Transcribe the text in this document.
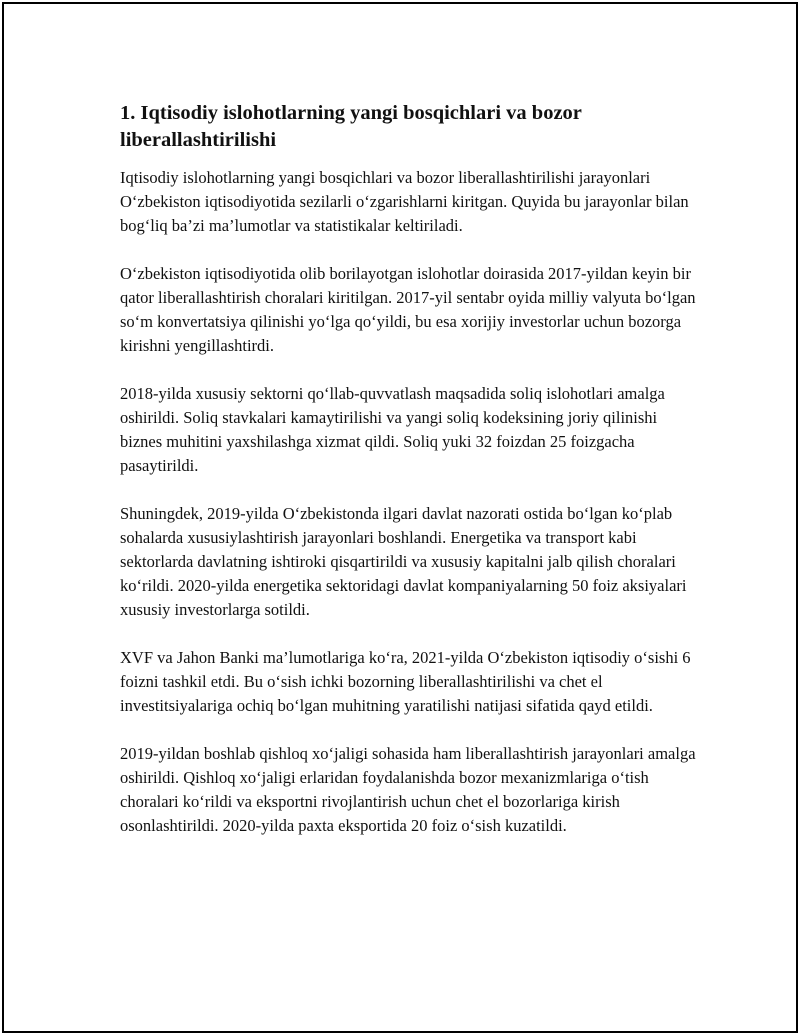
1. Iqtisodiy islohotlarning yangi bosqichlari va bozor liberallashtirilishi

Iqtisodiy islohotlarning yangi bosqichlari va bozor liberallashtirilishi jarayonlari O‘zbekiston iqtisodiyotida sezilarli o‘zgarishlarni kiritgan. Quyida bu jarayonlar bilan bog‘liq ba’zi ma’lumotlar va statistikalar keltiriladi.

O‘zbekiston iqtisodiyotida olib borilayotgan islohotlar doirasida 2017-yildan keyin bir qator liberallashtirish choralari kiritilgan. 2017-yil sentabr oyida milliy valyuta bo‘lgan so‘m konvertatsiya qilinishi yo‘lga qo‘yildi, bu esa xorijiy investorlar uchun bozorga kirishni yengillashtirdi.

2018-yilda xususiy sektorni qo‘llab-quvvatlash maqsadida soliq islohotlari amalga oshirildi. Soliq stavkalari kamaytirilishi va yangi soliq kodeksining joriy qilinishi biznes muhitini yaxshilashga xizmat qildi. Soliq yuki 32 foizdan 25 foizgacha pasaytirildi.

Shuningdek, 2019-yilda O‘zbekistonda ilgari davlat nazorati ostida bo‘lgan ko‘plab sohalarda xususiylashtirish jarayonlari boshlandi. Energetika va transport kabi sektorlarda davlatning ishtiroki qisqartirildi va xususiy kapitalni jalb qilish choralari ko‘rildi. 2020-yilda energetika sektoridagi davlat kompaniyalarning 50 foiz aksiyalari xususiy investorlarga sotildi.

XVF va Jahon Banki ma’lumotlariga ko‘ra, 2021-yilda O‘zbekiston iqtisodiy o‘sishi 6 foizni tashkil etdi. Bu o‘sish ichki bozorning liberallashtirilishi va chet el investitsiyalariga ochiq bo‘lgan muhitning yaratilishi natijasi sifatida qayd etildi.

2019-yildan boshlab qishloq xo‘jaligi sohasida ham liberallashtirish jarayonlari amalga oshirildi. Qishloq xo‘jaligi erlaridan foydalanishda bozor mexanizmlariga o‘tish choralari ko‘rildi va eksportni rivojlantirish uchun chet el bozorlariga kirish osonlashtirildi. 2020-yilda paxta eksportida 20 foiz o‘sish kuzatildi.
